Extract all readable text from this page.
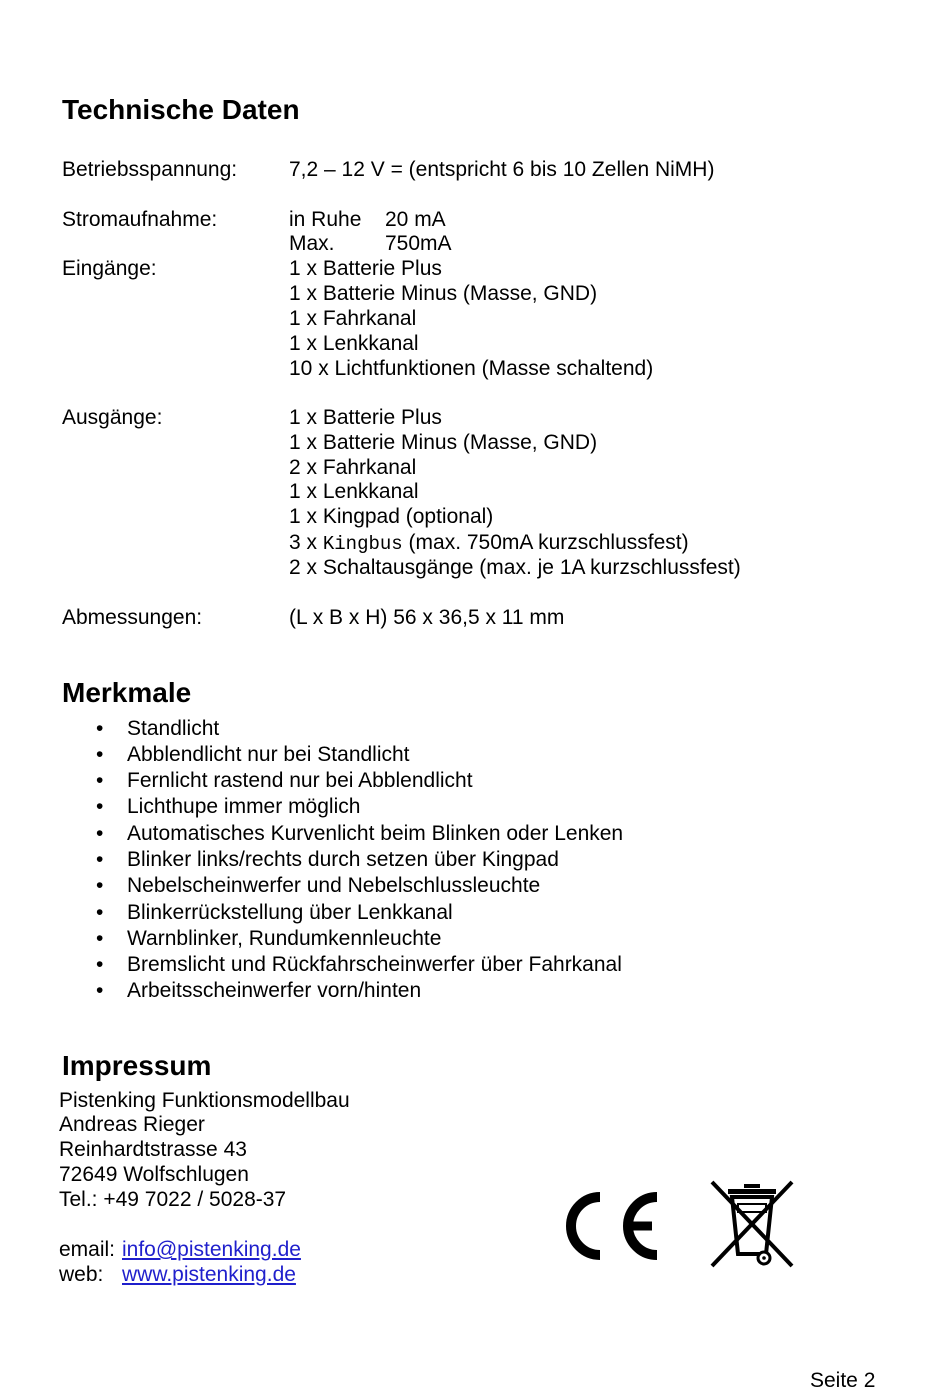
Technische Daten
Betriebsspannung: 7,2 – 12 V = (entspricht 6 bis 10 Zellen NiMH)
Stromaufnahme:	in Ruhe 20 mA
Max. 750mA
Eingänge:	1 x Batterie Plus
1 x Batterie Minus (Masse, GND)
1 x Fahrkanal
1 x Lenkkanal
10 x Lichtfunktionen (Masse schaltend)
Ausgänge:	1 x Batterie Plus
1 x Batterie Minus (Masse, GND)
2 x Fahrkanal
1 x Lenkkanal
1 x Kingpad (optional)
3 x Kingbus (max. 750mA kurzschlussfest)
2 x Schaltausgänge (max. je 1A kurzschlussfest)
Abmessungen:	(L x B x H) 56 x 36,5 x 11 mm
Merkmale
•	Standlicht
•	Abblendlicht nur bei Standlicht
•	Fernlicht rastend nur bei Abblendlicht
•	Lichthupe immer möglich
•	Automatisches Kurvenlicht beim Blinken oder Lenken
•	Blinker links/rechts durch setzen über Kingpad
•	Nebelscheinwerfer und Nebelschlussleuchte
•	Blinkerrückstellung über Lenkkanal
•	Warnblinker, Rundumkennleuchte
•	Bremslicht und Rückfahrscheinwerfer über Fahrkanal
•	Arbeitsscheinwerfer vorn/hinten
Impressum
Pistenking Funktionsmodellbau
Andreas Rieger
Reinhardtstrasse 43
72649 Wolfschlugen
Tel.: +49 7022 / 5028-37
email: info@pistenking.de
web: www.pistenking.de
Seite 2
